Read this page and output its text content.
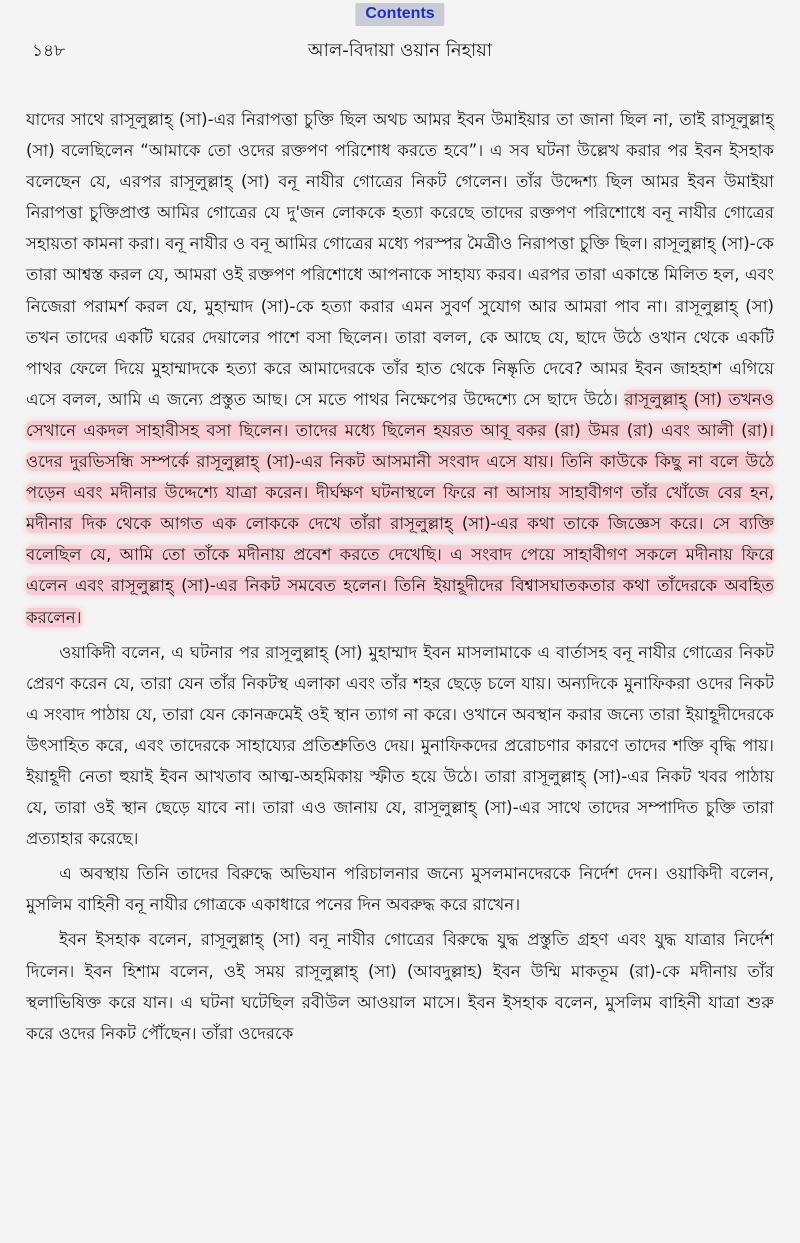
Contents
১৪৮	আল-বিদায়া ওয়ান নিহায়া

যাদের সাথে রাসূলুল্লাহ্ (সা)-এর নিরাপত্তা চুক্তি ছিল অথচ আমর ইবন উমাইয়ার তা জানা ছিল না, তাই রাসূলুল্লাহ্ (সা) বলেছিলেন “আমাকে তো ওদের রক্তপণ পরিশোধ করতে হবে”। এ সব ঘটনা উল্লেখ করার পর ইবন ইসহাক বলেছেন যে, এরপর রাসূলুল্লাহ্ (সা) বনূ নাযীর গোত্রের নিকট গেলেন। তাঁর উদ্দেশ্য ছিল আমর ইবন উমাইয়া নিরাপত্তা চুক্তিপ্রাপ্ত আমির গোত্রের যে দু'জন লোককে হত্যা করেছে তাদের রক্তপণ পরিশোধে বনূ নাযীর গোত্রের সহায়তা কামনা করা। বনূ নাযীর ও বনূ আমির গোত্রের মধ্যে পরস্পর মৈত্রীও নিরাপত্তা চুক্তি ছিল। রাসূলুল্লাহ্ (সা)-কে তারা আশ্বস্ত করল যে, আমরা ওই রক্তপণ পরিশোধে আপনাকে সাহায্য করব। এরপর তারা একান্তে মিলিত হল, এবং নিজেরা পরামর্শ করল যে, মুহাম্মাদ (সা)-কে হত্যা করার এমন সুবর্ণ সুযোগ আর আমরা পাব না। রাসূলুল্লাহ্ (সা) তখন তাদের একটি ঘরের দেয়ালের পাশে বসা ছিলেন। তারা বলল, কে আছে যে, ছাদে উঠে ওখান থেকে একটি পাথর ফেলে দিয়ে মুহাম্মাদকে হত্যা করে আমাদেরকে তাঁর হাত থেকে নিষ্কৃতি দেবে? আমর ইবন জাহহাশ এগিয়ে এসে বলল, আমি এ জন্যে প্রস্তুত আছ। সে মতে পাথর নিক্ষেপের উদ্দেশ্যে সে ছাদে উঠে। রাসূলুল্লাহ্ (সা) তখনও সেখানে একদল সাহাবীসহ বসা ছিলেন। তাদের মধ্যে ছিলেন হযরত আবূ বকর (রা) উমর (রা) এবং আলী (রা)। ওদের দুরভিসন্ধি সম্পর্কে রাসূলুল্লাহ্ (সা)-এর নিকট আসমানী সংবাদ এসে যায়। তিনি কাউকে কিছু না বলে উঠে পড়েন এবং মদীনার উদ্দেশ্যে যাত্রা করেন। দীর্ঘক্ষণ ঘটনাস্থলে ফিরে না আসায় সাহাবীগণ তাঁর খোঁজে বের হন, মদীনার দিক থেকে আগত এক লোককে দেখে তাঁরা রাসূলুল্লাহ্ (সা)-এর কথা তাকে জিজ্ঞেস করে। সে ব্যক্তি বলেছিল যে, আমি তো তাঁকে মদীনায় প্রবেশ করতে দেখেছি। এ সংবাদ পেয়ে সাহাবীগণ সকলে মদীনায় ফিরে এলেন এবং রাসূলুল্লাহ্ (সা)-এর নিকট সমবেত হলেন। তিনি ইয়াহূদীদের বিশ্বাসঘাতকতার কথা তাঁদেরকে অবহিত করলেন।

ওয়াকিদী বলেন, এ ঘটনার পর রাসূলুল্লাহ্ (সা) মুহাম্মাদ ইবন মাসলামাকে এ বার্তাসহ বনূ নাযীর গোত্রের নিকট প্রেরণ করেন যে, তারা যেন তাঁর নিকটস্থ এলাকা এবং তাঁর শহর ছেড়ে চলে যায়। অন্যদিকে মুনাফিকরা ওদের নিকট এ সংবাদ পাঠায় যে, তারা যেন কোনক্রমেই ওই স্থান ত্যাগ না করে। ওখানে অবস্থান করার জন্যে তারা ইয়াহূদীদেরকে উৎসাহিত করে, এবং তাদেরকে সাহায্যের প্রতিশ্রুতিও দেয়। মুনাফিকদের প্ররোচণার কারণে তাদের শক্তি বৃদ্ধি পায়। ইয়াহূদী নেতা হুয়াই ইবন আখতাব আত্ম-অহমিকায় স্ফীত হয়ে উঠে। তারা রাসূলুল্লাহ্ (সা)-এর নিকট খবর পাঠায় যে, তারা ওই স্থান ছেড়ে যাবে না। তারা এও জানায় যে, রাসূলুল্লাহ্ (সা)-এর সাথে তাদের সম্পাদিত চুক্তি তারা প্রত্যাহার করেছে।

এ অবস্থায় তিনি তাদের বিরুদ্ধে অভিযান পরিচালনার জন্যে মুসলমানদেরকে নির্দেশ দেন। ওয়াকিদী বলেন, মুসলিম বাহিনী বনূ নাযীর গোত্রকে একাধারে পনের দিন অবরুদ্ধ করে রাখেন।

ইবন ইসহাক বলেন, রাসূলুল্লাহ্ (সা) বনূ নাযীর গোত্রের বিরুদ্ধে যুদ্ধ প্রস্তুতি গ্রহণ এবং যুদ্ধ যাত্রার নির্দেশ দিলেন। ইবন হিশাম বলেন, ওই সময় রাসূলুল্লাহ্ (সা) (আবদুল্লাহ) ইবন উম্মি মাকতূম (রা)-কে মদীনায় তাঁর স্থলাভিষিক্ত করে যান। এ ঘটনা ঘটেছিল রবীউল আওয়াল মাসে। ইবন ইসহাক বলেন, মুসলিম বাহিনী যাত্রা শুরু করে ওদের নিকট পৌঁছেন। তাঁরা ওদেরকে
